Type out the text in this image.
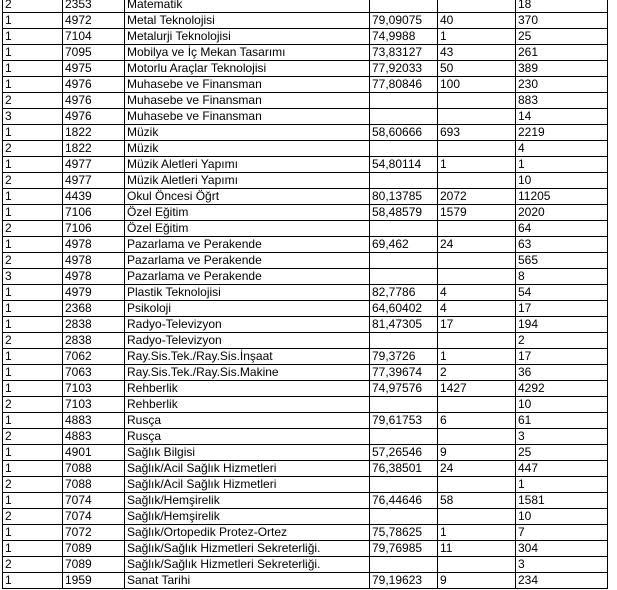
2	2353	Matematik			18
1	4972	Metal Teknolojisi	79,09075	40	370
1	7104	Metalurji Teknolojisi	74,9988	1	25
1	7095	Mobilya ve İç Mekan Tasarımı	73,83127	43	261
1	4975	Motorlu Araçlar Teknolojisi	77,92033	50	389
1	4976	Muhasebe ve Finansman	77,80846	100	230
2	4976	Muhasebe ve Finansman			883
3	4976	Muhasebe ve Finansman			14
1	1822	Müzik	58,60666	693	2219
2	1822	Müzik			4
1	4977	Müzik Aletleri Yapımı	54,80114	1	1
2	4977	Müzik Aletleri Yapımı			10
1	4439	Okul Öncesi Öğrt	80,13785	2072	11205
1	7106	Özel Eğitim	58,48579	1579	2020
2	7106	Özel Eğitim			64
1	4978	Pazarlama ve Perakende	69,462	24	63
2	4978	Pazarlama ve Perakende			565
3	4978	Pazarlama ve Perakende			8
1	4979	Plastik Teknolojisi	82,7786	4	54
1	2368	Psikoloji	64,60402	4	17
1	2838	Radyo-Televizyon	81,47305	17	194
2	2838	Radyo-Televizyon			2
1	7062	Ray.Sis.Tek./Ray.Sis.İnşaat	79,3726	1	17
1	7063	Ray.Sis.Tek./Ray.Sis.Makine	77,39674	2	36
1	7103	Rehberlik	74,97576	1427	4292
2	7103	Rehberlik			10
1	4883	Rusça	79,61753	6	61
2	4883	Rusça			3
1	4901	Sağlık Bilgisi	57,26546	9	25
1	7088	Sağlık/Acil Sağlık Hizmetleri	76,38501	24	447
2	7088	Sağlık/Acil Sağlık Hizmetleri			1
1	7074	Sağlık/Hemşirelik	76,44646	58	1581
2	7074	Sağlık/Hemşirelik			10
1	7072	Sağlık/Ortopedik Protez-Ortez	75,78625	1	7
1	7089	Sağlık/Sağlık Hizmetleri Sekreterliği.	79,76985	11	304
2	7089	Sağlık/Sağlık Hizmetleri Sekreterliği.			3
1	1959	Sanat Tarihi	79,19623	9	234
